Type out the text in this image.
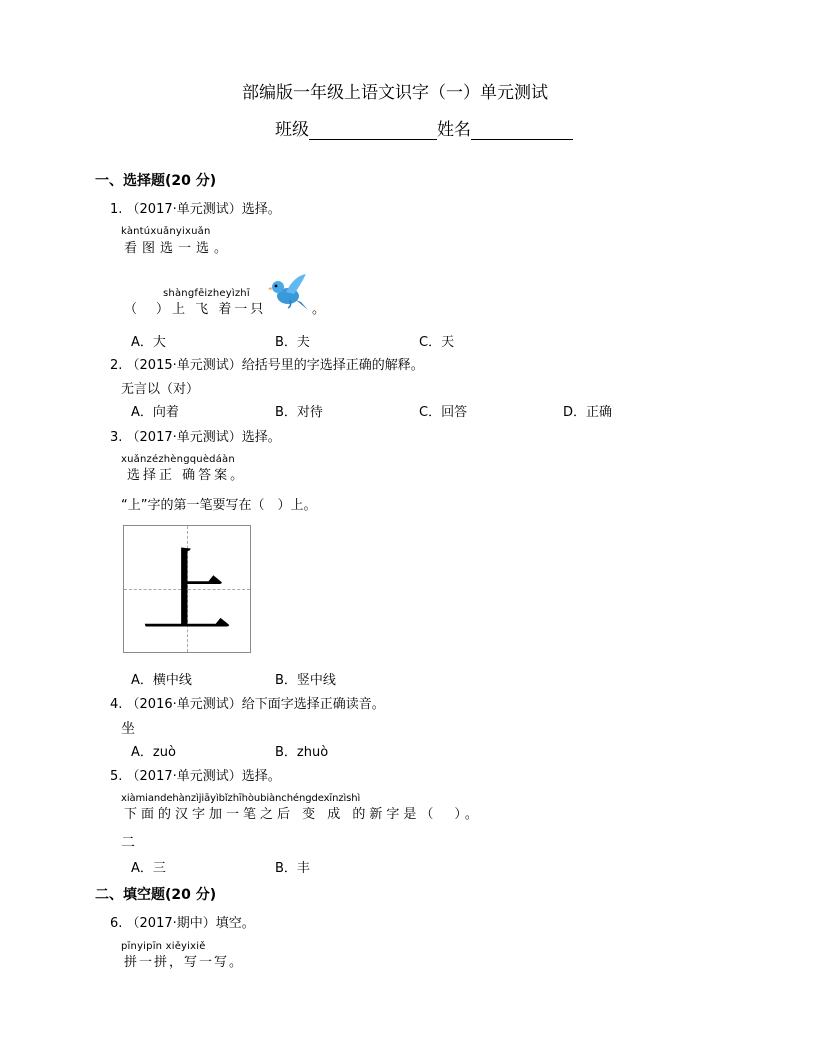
部编版一年级上语文识字（一）单元测试
班级	姓名
一、选择题(20 分)
1. （2017·单元测试）选择。
kàntúxuǎnyixuǎn
看图选一选。
shàngfēizheyìzhī
（　）上 飞 着一只	。
A．大	B．夫	C．天
2. （2015·单元测试）给括号里的字选择正确的解释。
无言以（对）
A．向着	B．对待	C．回答	D．正确
3. （2017·单元测试）选择。
xuǎnzézhèngquèdáàn
选择正 确答案。
“上”字的第一笔要写在（　）上。
上
A．横中线	B．竖中线
4. （2016·单元测试）给下面字选择正确读音。
坐
A．zuò	B．zhuò
5. （2017·单元测试）选择。
xiàmiandehànzìjiāyìbǐzhīhòubiànchéngdexīnzìshì
下面的汉字加一笔之后 变 成 的新字是（　）。
二
A．三	B．丰
二、填空题(20 分)
6. （2017·期中）填空。
pīnyipīn xiěyixiě
拼一拼，写一写。
